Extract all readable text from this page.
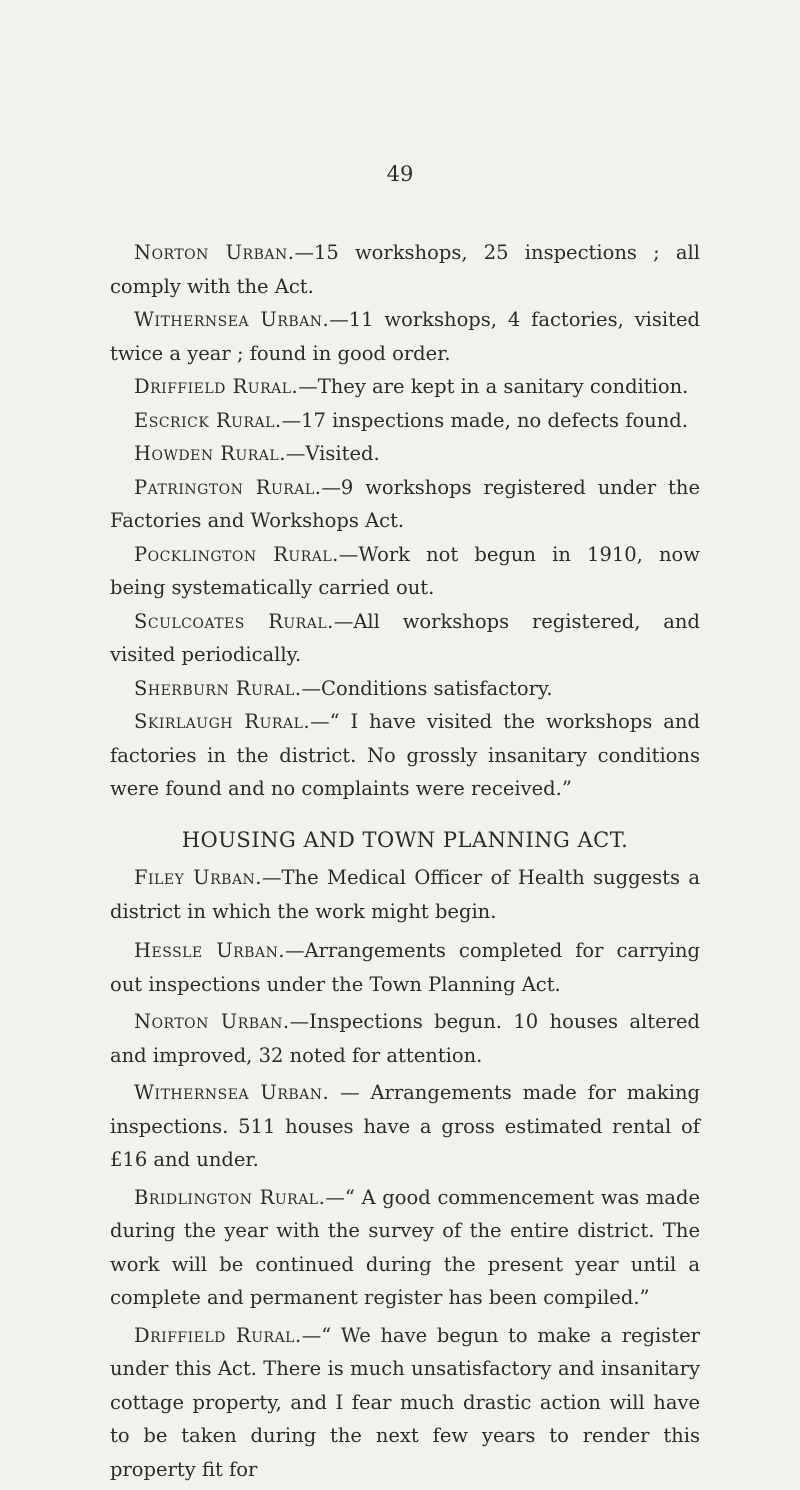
49

Norton Urban.—15 workshops, 25 inspections ; all comply with the Act.

Withernsea Urban.—11 workshops, 4 factories, visited twice a year ; found in good order.

Driffield Rural.—They are kept in a sanitary condition.

Escrick Rural.—17 inspections made, no defects found.

Howden Rural.—Visited.

Patrington Rural.—9 workshops registered under the Factories and Workshops Act.

Pocklington Rural.—Work not begun in 1910, now being systematically carried out.

Sculcoates Rural.—All workshops registered, and visited periodically.

Sherburn Rural.—Conditions satisfactory.

Skirlaugh Rural.—“ I have visited the workshops and factories in the district. No grossly insanitary conditions were found and no complaints were received.”

HOUSING AND TOWN PLANNING ACT.

Filey Urban.—The Medical Officer of Health suggests a district in which the work might begin.

Hessle Urban.—Arrangements completed for carrying out inspections under the Town Planning Act.

Norton Urban.—Inspections begun. 10 houses altered and improved, 32 noted for attention.

Withernsea Urban. — Arrangements made for making inspections. 511 houses have a gross estimated rental of £16 and under.

Bridlington Rural.—“ A good commencement was made during the year with the survey of the entire district. The work will be continued during the present year until a complete and permanent register has been compiled.”

Driffield Rural.—“ We have begun to make a register under this Act. There is much unsatisfactory and insanitary cottage property, and I fear much drastic action will have to be taken during the next few years to render this property fit for
